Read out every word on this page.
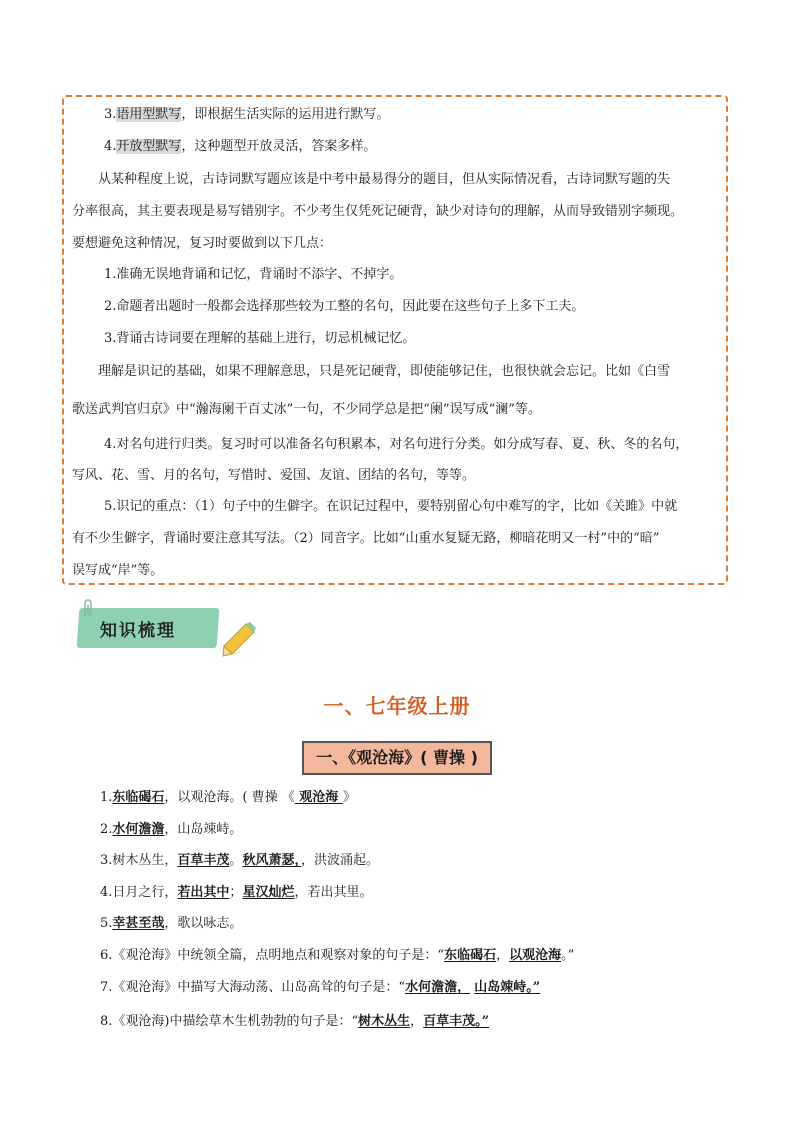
3.语用型默写，即根据生活实际的运用进行默写。
4.开放型默写，这种题型开放灵活，答案多样。
从某种程度上说，古诗词默写题应该是中考中最易得分的题目，但从实际情况看，古诗词默写题的失
分率很高，其主要表现是易写错别字。不少考生仅凭死记硬背，缺少对诗句的理解，从而导致错别字频现。
要想避免这种情况，复习时要做到以下几点：
1.准确无误地背诵和记忆，背诵时不添字、不掉字。
2.命题者出题时一般都会选择那些较为工整的名句，因此要在这些句子上多下工夫。
3.背诵古诗词要在理解的基础上进行，切忌机械记忆。
理解是识记的基础，如果不理解意思，只是死记硬背，即使能够记住，也很快就会忘记。比如《白雪
歌送武判官归京》中“瀚海阑干百丈冰”一句，不少同学总是把“阑”误写成“澜”等。
4.对名句进行归类。复习时可以准备名句积累本，对名句进行分类。如分成写春、夏、秋、冬的名句，
写风、花、雪、月的名句，写惜时、爱国、友谊、团结的名句，等等。
5.识记的重点：（1）句子中的生僻字。在识记过程中，要特别留心句中难写的字，比如《关雎》中就
有不少生僻字，背诵时要注意其写法。（2）同音字。比如“山重水复疑无路，柳暗花明又一村”中的“暗”
误写成“岸”等。
知识梳理
一、七年级上册
一、《观沧海》( 曹操 )
1.东临碣石，以观沧海。( 曹操 《 观沧海 》
2.水何澹澹，山岛竦峙。
3.树木丛生，百草丰茂。秋风萧瑟，，洪波涌起。
4.日月之行，若出其中；星汉灿烂，若出其里。
5.幸甚至哉，歌以咏志。
6.《观沧海》中统领全篇，点明地点和观察对象的句子是：“东临碣石，以观沧海。”
7.《观沧海》中描写大海动荡、山岛高耸的句子是：“水何澹澹， 山岛竦峙。”
8.《观沧海)中描绘草木生机勃勃的句子是：“树木丛生，百草丰茂。”
